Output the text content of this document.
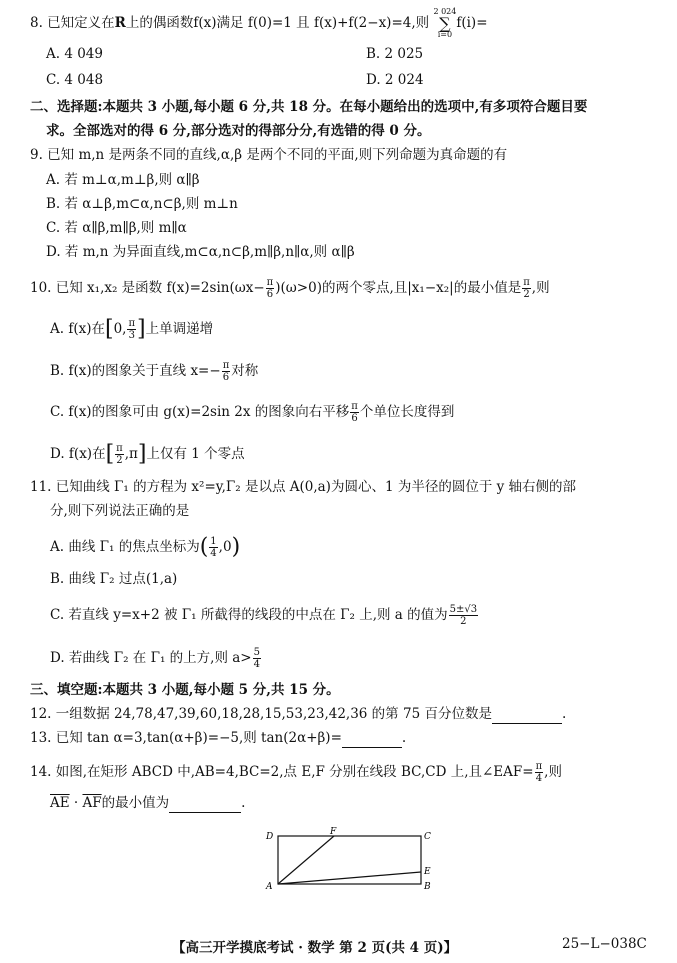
8. 已知定义在R上的偶函数f(x)满足 f(0)=1 且 f(x)+f(2−x)=4,则 2 024
∑
i=0f(i)=
A. 4 049	B. 2 025
C. 4 048	D. 2 024
二、选择题:本题共 3 小题,每小题 6 分,共 18 分。在每小题给出的选项中,有多项符合题目要
求。全部选对的得 6 分,部分选对的得部分分,有选错的得 0 分。
9. 已知 m,n 是两条不同的直线,α,β 是两个不同的平面,则下列命题为真命题的有
A. 若 m⊥α,m⊥β,则 α∥β
B. 若 α⊥β,m⊂α,n⊂β,则 m⊥n
C. 若 α∥β,m∥β,则 m∥α
D. 若 m,n 为异面直线,m⊂α,n⊂β,m∥β,n∥α,则 α∥β
10. 已知 x₁,x₂ 是函数 $f(x)=2\sin(\omega x- \frac{\pi}{6} )(\omega>0)$的两个零点,且|x₁−x₂|的最小值是 $\frac{\pi}{2}$ ,则
A. f(x)在[0, $\frac{\pi}{3}$ ]上单调递增
B. f(x)的图象关于直线 $x=- \frac{\pi}{6}$ 对称
C. f(x)的图象可由 g(x)=2sin 2x 的图象向右平移 $\frac{\pi}{6}$ 个单位长度得到
D. f(x)在[ $\frac{\pi}{2} ,\pi$]上仅有 1 个零点
11. 已知曲线 Γ₁ 的方程为 x²=y,Γ₂ 是以点 A(0,a)为圆心、1 为半径的圆位于 y 轴右侧的部
分,则下列说法正确的是
A. 曲线 Γ₁ 的焦点坐标为( $\frac{1}{4} ,0$)
B. 曲线 Γ₂ 过点(1,a)
C. 若直线 y=x+2 被 Γ₁ 所截得的线段的中点在 Γ₂ 上,则 a 的值为 $\frac{5\pm√3}{2}$
D. 若曲线 Γ₂ 在 Γ₁ 的上方,则 $a> \frac{5}{4}$
三、填空题:本题共 3 小题,每小题 5 分,共 15 分。
12. 一组数据 24,78,47,39,60,18,28,15,53,23,42,36 的第 75 百分位数是	.
13. 已知 tan α=3,tan(α+β)=−5,则 tan(2α+β)=	.
14. 如图,在矩形 ABCD 中,AB=4,BC=2,点 E,F 分别在线段 BC,CD 上,且∠EAF= $\frac{\pi}{4}$ ,则
$\overline{AE} \cdot \overline{AF}$的最小值为	.
D	F	C
E
A	B
【高三开学摸底考试 · 数学 第 2 页(共 4 页)】	25−L−038C
